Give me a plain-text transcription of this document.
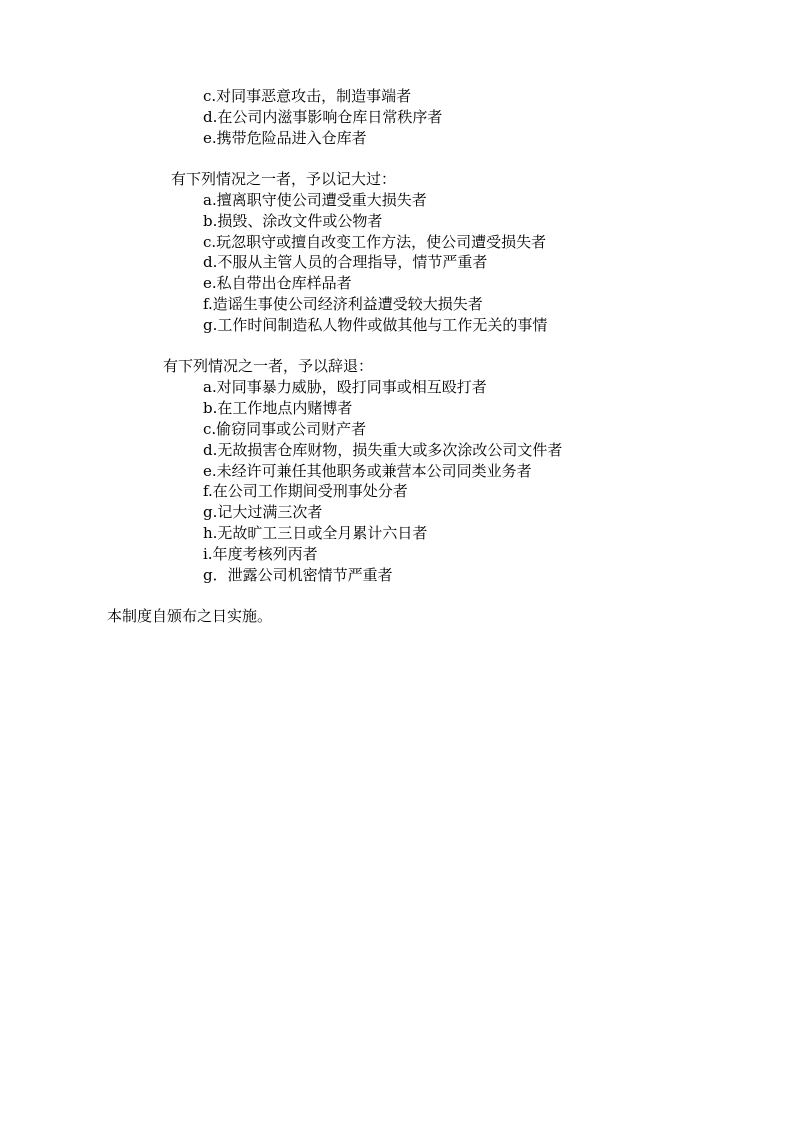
c.对同事恶意攻击，制造事端者
d.在公司内滋事影响仓库日常秩序者
e.携带危险品进入仓库者
有下列情况之一者，予以记大过：
a.擅离职守使公司遭受重大损失者
b.损毁、涂改文件或公物者
c.玩忽职守或擅自改变工作方法，使公司遭受损失者
d.不服从主管人员的合理指导，情节严重者
e.私自带出仓库样品者
f.造谣生事使公司经济利益遭受较大损失者
g.工作时间制造私人物件或做其他与工作无关的事情
有下列情况之一者，予以辞退：
a.对同事暴力威胁，殴打同事或相互殴打者
b.在工作地点内赌博者
c.偷窃同事或公司财产者
d.无故损害仓库财物，损失重大或多次涂改公司文件者
e.未经许可兼任其他职务或兼营本公司同类业务者
f.在公司工作期间受刑事处分者
g.记大过满三次者
h.无故旷工三日或全月累计六日者
i.年度考核列丙者
g．泄露公司机密情节严重者
本制度自颁布之日实施。
